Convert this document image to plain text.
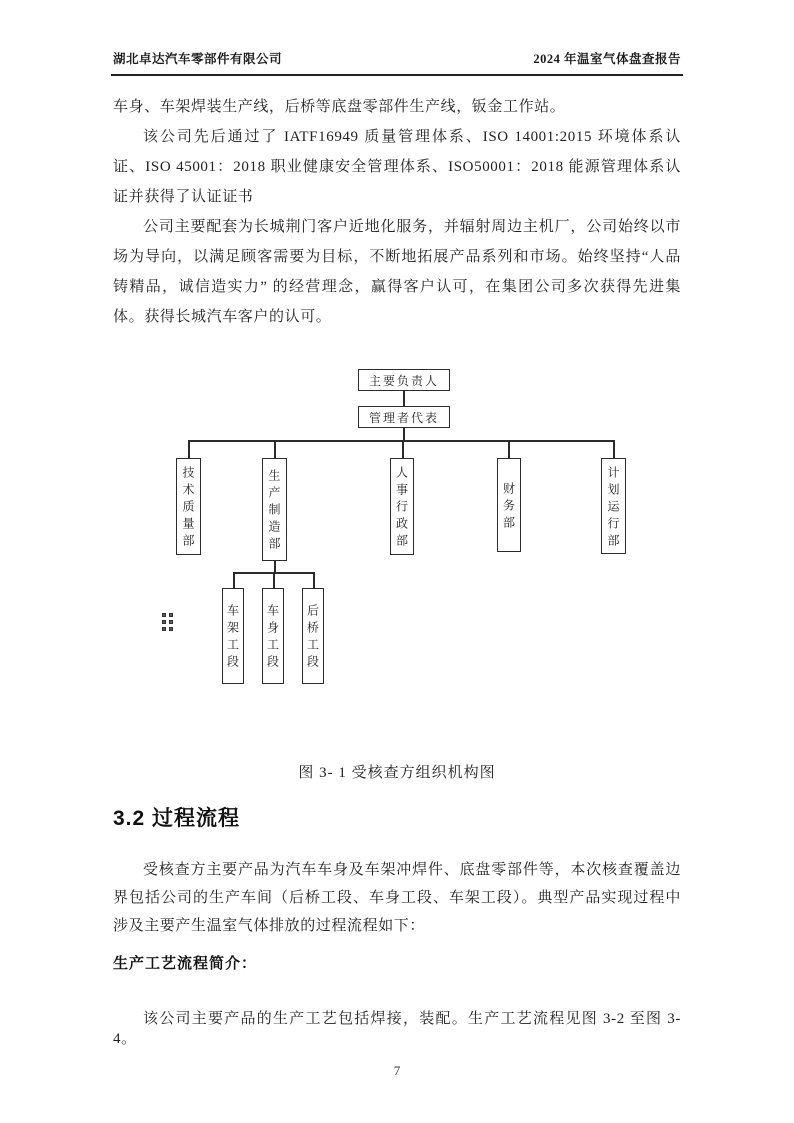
湖北卓达汽车零部件有限公司	2024 年温室气体盘查报告

车身、车架焊装生产线，后桥等底盘零部件生产线，钣金工作站。

该公司先后通过了 IATF16949 质量管理体系、ISO 14001:2015 环境体系认证、ISO 45001：2018 职业健康安全管理体系、ISO50001：2018 能源管理体系认证并获得了认证证书

公司主要配套为长城荆门客户近地化服务，并辐射周边主机厂，公司始终以市场为导向，以满足顾客需要为目标，不断地拓展产品系列和市场。始终坚持“人品铸精品，诚信造实力” 的经营理念，赢得客户认可，在集团公司多次获得先进集体。获得长城汽车客户的认可。

主要负责人
管理者代表
技术质量部	生产制造部	人事行政部	财务部	计划运行部
车架工段	车身工段	后桥工段
图 3- 1 受核查方组织机构图
3.2 过程流程

受核查方主要产品为汽车车身及车架冲焊件、底盘零部件等，本次核查覆盖边界包括公司的生产车间（后桥工段、车身工段、车架工段）。典型产品实现过程中涉及主要产生温室气体排放的过程流程如下：

生产工艺流程简介：

该公司主要产品的生产工艺包括焊接，装配。生产工艺流程见图 3-2 至图 3-4。

7
